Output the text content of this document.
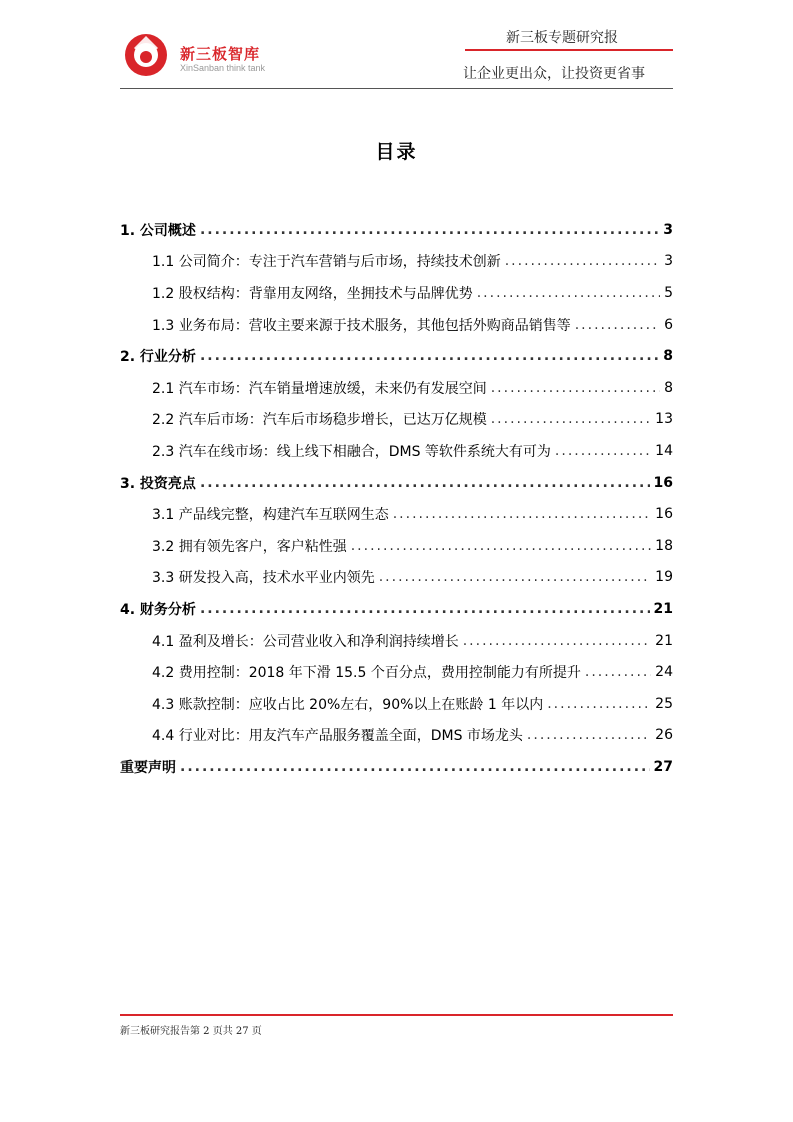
新三板智库
XinSanban think tank
新三板专题研究报
让企业更出众，让投资更省事
目录
1. 公司概述 .....	3
1.1 公司简介：专注于汽车营销与后市场，持续技术创新 .....	3
1.2 股权结构：背靠用友网络，坐拥技术与品牌优势 .....	5
1.3 业务布局：营收主要来源于技术服务，其他包括外购商品销售等 .....	6
2. 行业分析 .....	8
2.1 汽车市场：汽车销量增速放缓，未来仍有发展空间 .....	8
2.2 汽车后市场：汽车后市场稳步增长，已达万亿规模 .....	13
2.3 汽车在线市场：线上线下相融合，DMS 等软件系统大有可为 .....	14
3. 投资亮点 .....	16
3.1 产品线完整，构建汽车互联网生态 .....	16
3.2 拥有领先客户，客户粘性强 .....	18
3.3 研发投入高，技术水平业内领先 .....	19
4. 财务分析 .....	21
4.1 盈利及增长：公司营业收入和净利润持续增长 .....	21
4.2 费用控制：2018 年下滑 15.5 个百分点，费用控制能力有所提升 .....	24
4.3 账款控制：应收占比 20%左右，90%以上在账龄 1 年以内 .....	25
4.4 行业对比：用友汽车产品服务覆盖全面，DMS 市场龙头 .....	26
重要声明 .....	27
新三板研究报告第 2 页共 27 页
